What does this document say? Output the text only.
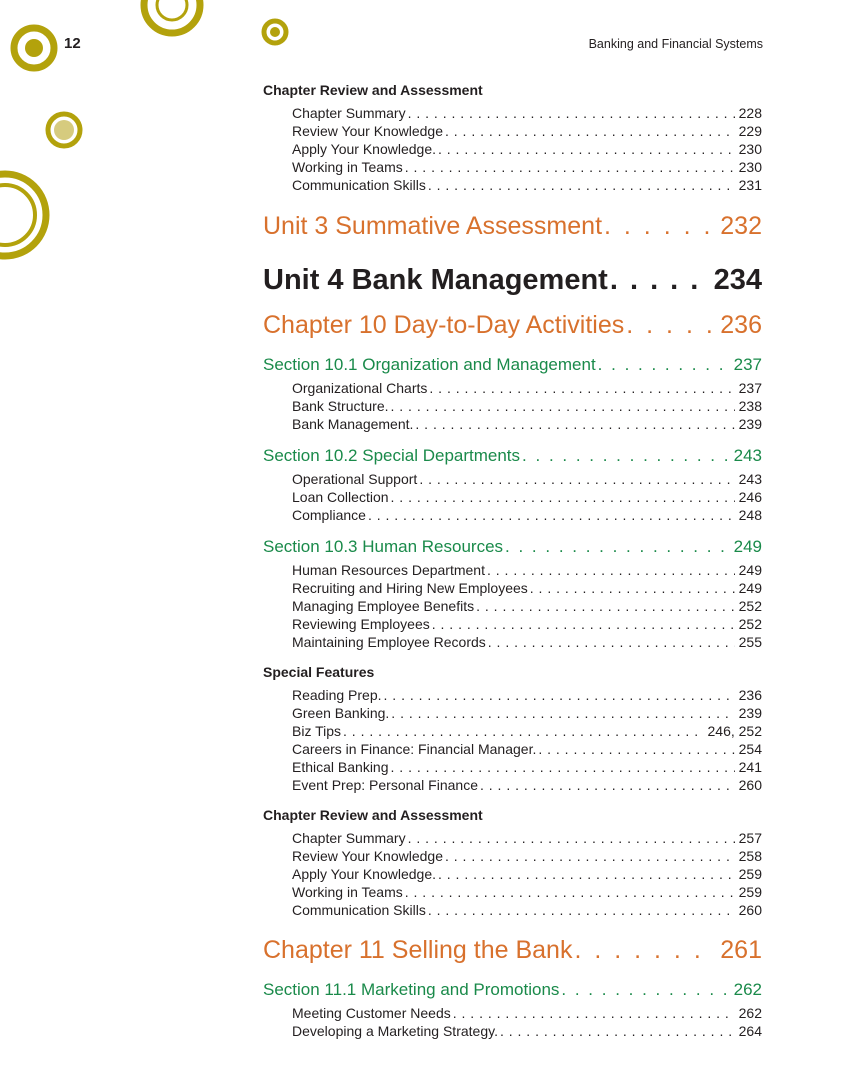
12	Banking and Financial Systems
Chapter Review and Assessment
Chapter Summary . . .	228
Review Your Knowledge . . .	229
Apply Your Knowledge. . . .	230
Working in Teams . . .	230
Communication Skills . . .	231
Unit 3 Summative Assessment . . .	232
Unit 4 Bank Management . . .	234
Chapter 10 Day-to-Day Activities . . .	236
Section 10.1 Organization and Management . . .	237
Organizational Charts . . .	237
Bank Structure. . . .	238
Bank Management. . . .	239
Section 10.2 Special Departments . . .	243
Operational Support . . .	243
Loan Collection . . .	246
Compliance . . .	248
Section 10.3 Human Resources . . .	249
Human Resources Department . . .	249
Recruiting and Hiring New Employees . . .	249
Managing Employee Benefits . . .	252
Reviewing Employees . . .	252
Maintaining Employee Records . . .	255
Special Features
Reading Prep. . . .	236
Green Banking. . . .	239
Biz Tips . . .	246, 252
Careers in Finance: Financial Manager. . . .	254
Ethical Banking . . .	241
Event Prep: Personal Finance . . .	260
Chapter Review and Assessment
Chapter Summary . . .	257
Review Your Knowledge . . .	258
Apply Your Knowledge. . . .	259
Working in Teams . . .	259
Communication Skills . . .	260
Chapter 11 Selling the Bank . . .	261
Section 11.1 Marketing and Promotions . . .	262
Meeting Customer Needs . . .	262
Developing a Marketing Strategy. . . .	264
